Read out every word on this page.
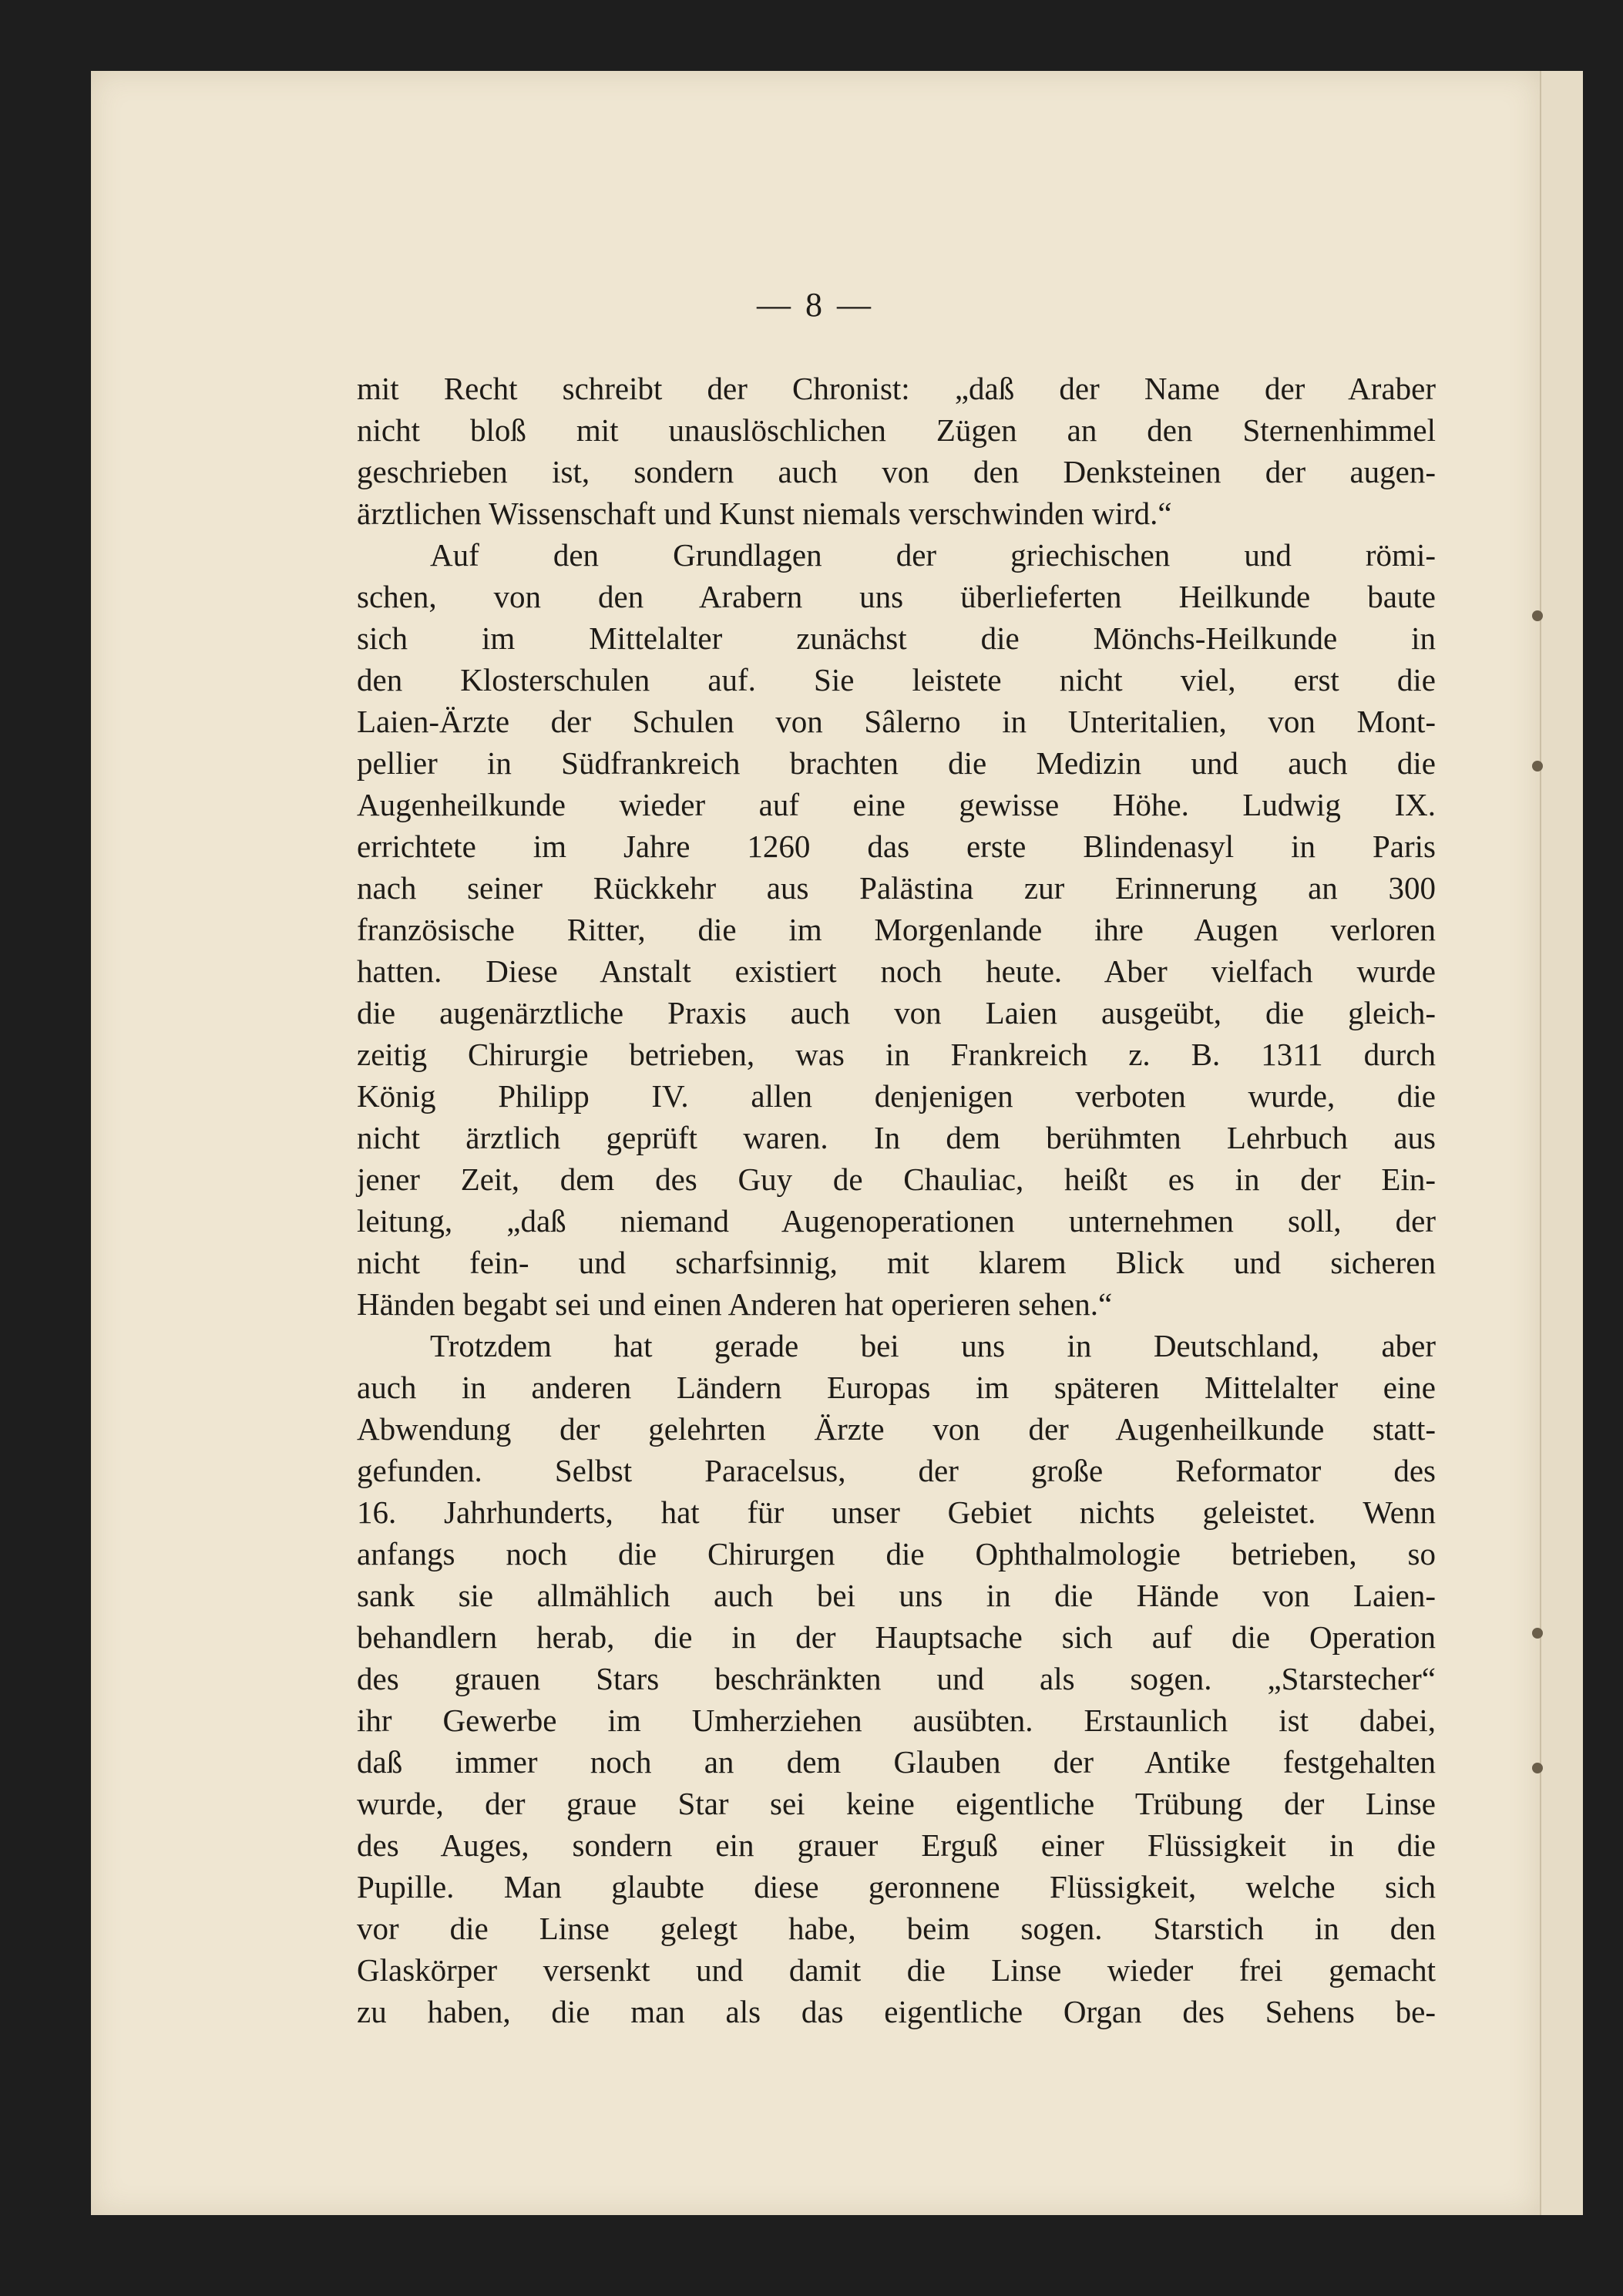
— 8 —
mit Recht schreibt der Chronist: „daß der Name der Araber
nicht bloß mit unauslöschlichen Zügen an den Sternenhimmel
geschrieben ist, sondern auch von den Denksteinen der augen-
ärztlichen Wissenschaft und Kunst niemals verschwinden wird.“
Auf den Grundlagen der griechischen und römi-
schen, von den Arabern uns überlieferten Heilkunde baute
sich im Mittelalter zunächst die Mönchs-Heilkunde in
den Klosterschulen auf. Sie leistete nicht viel, erst die
Laien-Ärzte der Schulen von Sâlerno in Unteritalien, von Mont-
pellier in Südfrankreich brachten die Medizin und auch die
Augenheilkunde wieder auf eine gewisse Höhe. Ludwig IX.
errichtete im Jahre 1260 das erste Blindenasyl in Paris
nach seiner Rückkehr aus Palästina zur Erinnerung an 300
französische Ritter, die im Morgenlande ihre Augen verloren
hatten. Diese Anstalt existiert noch heute. Aber vielfach wurde
die augenärztliche Praxis auch von Laien ausgeübt, die gleich-
zeitig Chirurgie betrieben, was in Frankreich z. B. 1311 durch
König Philipp IV. allen denjenigen verboten wurde, die
nicht ärztlich geprüft waren. In dem berühmten Lehrbuch aus
jener Zeit, dem des Guy de Chauliac, heißt es in der Ein-
leitung, „daß niemand Augenoperationen unternehmen soll, der
nicht fein- und scharfsinnig, mit klarem Blick und sicheren
Händen begabt sei und einen Anderen hat operieren sehen.“
Trotzdem hat gerade bei uns in Deutschland, aber
auch in anderen Ländern Europas im späteren Mittelalter eine
Abwendung der gelehrten Ärzte von der Augenheilkunde statt-
gefunden. Selbst Paracelsus, der große Reformator des
16. Jahrhunderts, hat für unser Gebiet nichts geleistet. Wenn
anfangs noch die Chirurgen die Ophthalmologie betrieben, so
sank sie allmählich auch bei uns in die Hände von Laien-
behandlern herab, die in der Hauptsache sich auf die Operation
des grauen Stars beschränkten und als sogen. „Starstecher“
ihr Gewerbe im Umherziehen ausübten. Erstaunlich ist dabei,
daß immer noch an dem Glauben der Antike festgehalten
wurde, der graue Star sei keine eigentliche Trübung der Linse
des Auges, sondern ein grauer Erguß einer Flüssigkeit in die
Pupille. Man glaubte diese geronnene Flüssigkeit, welche sich
vor die Linse gelegt habe, beim sogen. Starstich in den
Glaskörper versenkt und damit die Linse wieder frei gemacht
zu haben, die man als das eigentliche Organ des Sehens be-
